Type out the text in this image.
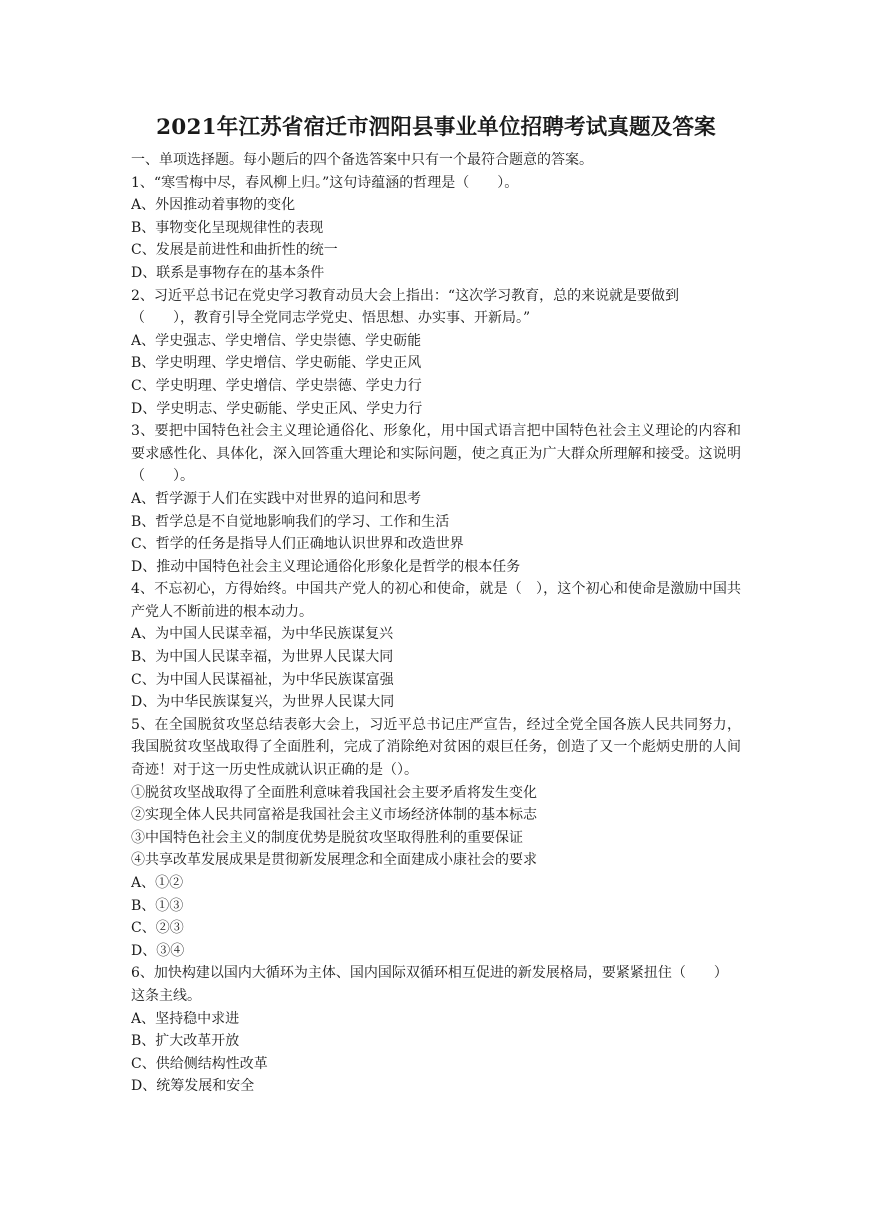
2021年江苏省宿迁市泗阳县事业单位招聘考试真题及答案
一、单项选择题。每小题后的四个备选答案中只有一个最符合题意的答案。
1、“寒雪梅中尽，春风柳上归。”这句诗蕴涵的哲理是（　　）。
A、外因推动着事物的变化
B、事物变化呈现规律性的表现
C、发展是前进性和曲折性的统一
D、联系是事物存在的基本条件
2、习近平总书记在党史学习教育动员大会上指出：“这次学习教育，总的来说就是要做到（　　），教育引导全党同志学党史、悟思想、办实事、开新局。”
A、学史强志、学史增信、学史崇德、学史砺能
B、学史明理、学史增信、学史砺能、学史正风
C、学史明理、学史增信、学史崇德、学史力行
D、学史明志、学史砺能、学史正风、学史力行
3、要把中国特色社会主义理论通俗化、形象化，用中国式语言把中国特色社会主义理论的内容和要求感性化、具体化，深入回答重大理论和实际问题，使之真正为广大群众所理解和接受。这说明（　　）。
A、哲学源于人们在实践中对世界的追问和思考
B、哲学总是不自觉地影响我们的学习、工作和生活
C、哲学的任务是指导人们正确地认识世界和改造世界
D、推动中国特色社会主义理论通俗化形象化是哲学的根本任务
4、不忘初心，方得始终。中国共产党人的初心和使命，就是（　），这个初心和使命是激励中国共产党人不断前进的根本动力。
A、为中国人民谋幸福，为中华民族谋复兴
B、为中国人民谋幸福，为世界人民谋大同
C、为中国人民谋福祉，为中华民族谋富强
D、为中华民族谋复兴，为世界人民谋大同
5、在全国脱贫攻坚总结表彰大会上，习近平总书记庄严宣告，经过全党全国各族人民共同努力，我国脱贫攻坚战取得了全面胜利，完成了消除绝对贫困的艰巨任务，创造了又一个彪炳史册的人间奇迹！对于这一历史性成就认识正确的是（）。
①脱贫攻坚战取得了全面胜利意味着我国社会主要矛盾将发生变化
②实现全体人民共同富裕是我国社会主义市场经济体制的基本标志
③中国特色社会主义的制度优势是脱贫攻坚取得胜利的重要保证
④共享改革发展成果是贯彻新发展理念和全面建成小康社会的要求
A、①②
B、①③
C、②③
D、③④
6、加快构建以国内大循环为主体、国内国际双循环相互促进的新发展格局，要紧紧扭住（　　）这条主线。
A、坚持稳中求进
B、扩大改革开放
C、供给侧结构性改革
D、统筹发展和安全
